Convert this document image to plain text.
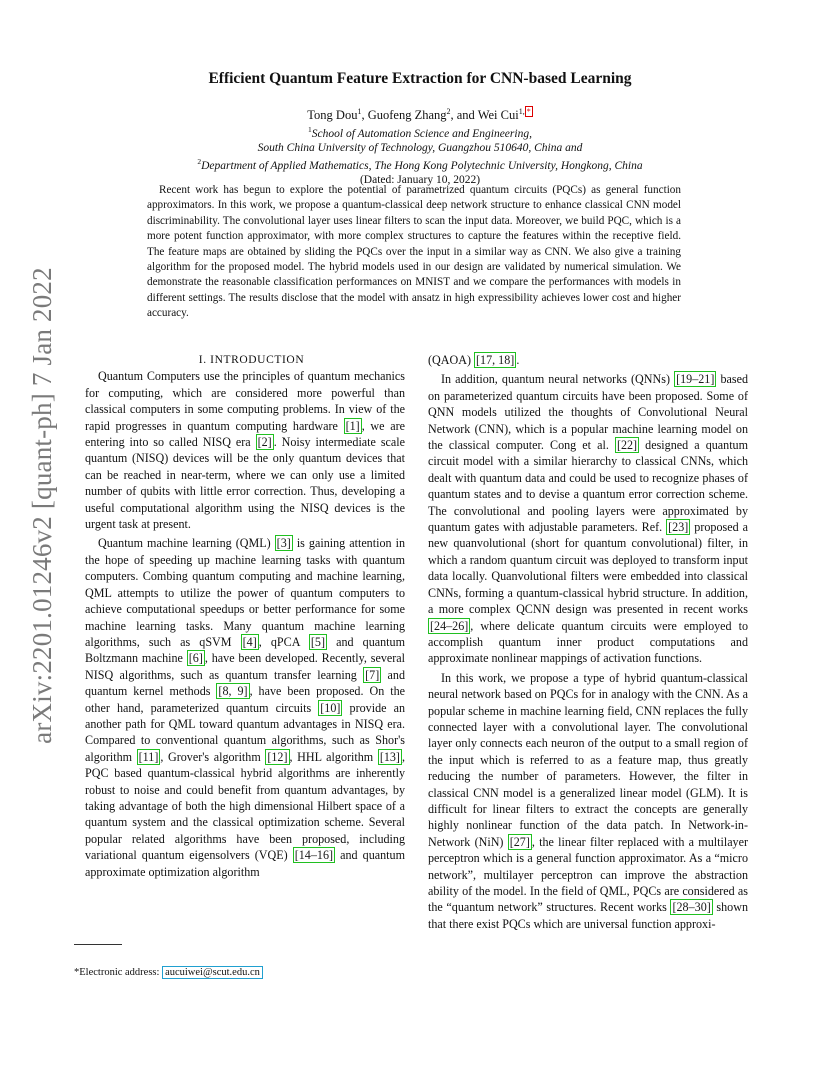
arXiv:2201.01246v2 [quant-ph] 7 Jan 2022
Efficient Quantum Feature Extraction for CNN-based Learning
Tong Dou$^1$, Guofeng Zhang$^2$, and Wei Cui$^{1,}$ *
$^1$School of Automation Science and Engineering,
South China University of Technology, Guangzhou 510640, China and
$^2$Department of Applied Mathematics, The Hong Kong Polytechnic University, Hongkong, China
(Dated: January 10, 2022)
Recent work has begun to explore the potential of parametrized quantum circuits (PQCs) as general function approximators. In this work, we propose a quantum-classical deep network structure to enhance classical CNN model discriminability. The convolutional layer uses linear filters to scan the input data. Moreover, we build PQC, which is a more potent function approximator, with more complex structures to capture the features within the receptive field. The feature maps are obtained by sliding the PQCs over the input in a similar way as CNN. We also give a training algorithm for the proposed model. The hybrid models used in our design are validated by numerical simulation. We demonstrate the reasonable classification performances on MNIST and we compare the performances with models in different settings. The results disclose that the model with ansatz in high expressibility achieves lower cost and higher accuracy.

I. INTRODUCTION

Quantum Computers use the principles of quantum mechanics for computing, which are considered more powerful than classical computers in some computing problems. In view of the rapid progresses in quantum computing hardware [1] , we are entering into so called NISQ era [2] . Noisy intermediate scale quantum (NISQ) devices will be the only quantum devices that can be reached in near-term, where we can only use a limited number of qubits with little error correction. Thus, developing a useful computational algorithm using the NISQ devices is the urgent task at present.

Quantum machine learning (QML) [3] is gaining attention in the hope of speeding up machine learning tasks with quantum computers. Combing quantum computing and machine learning, QML attempts to utilize the power of quantum computers to achieve computational speedups or better performance for some machine learning tasks. Many quantum machine learning algorithms, such as qSVM [4] , qPCA [5] and quantum Boltzmann machine [6] , have been developed. Recently, several NISQ algorithms, such as quantum transfer learning [7] and quantum kernel methods [8, 9] , have been proposed. On the other hand, parameterized quantum circuits [10] provide an another path for QML toward quantum advantages in NISQ era. Compared to conventional quantum algorithms, such as Shor's algorithm [11] , Grover's algorithm [12] , HHL algorithm [13] , PQC based quantum-classical hybrid algorithms are inherently robust to noise and could benefit from quantum advantages, by taking advantage of both the high dimensional Hilbert space of a quantum system and the classical optimization scheme. Several popular related algorithms have been proposed, including variational quantum eigensolvers (VQE) [14–16] and quantum approximate optimization algorithm

(QAOA) [17, 18] .

In addition, quantum neural networks (QNNs) [19–21] based on parameterized quantum circuits have been proposed. Some of QNN models utilized the thoughts of Convolutional Neural Network (CNN), which is a popular machine learning model on the classical computer. Cong et al. [22] designed a quantum circuit model with a similar hierarchy to classical CNNs, which dealt with quantum data and could be used to recognize phases of quantum states and to devise a quantum error correction scheme. The convolutional and pooling layers were approximated by quantum gates with adjustable parameters. Ref. [23] proposed a new quanvolutional (short for quantum convolutional) filter, in which a random quantum circuit was deployed to transform input data locally. Quanvolutional filters were embedded into classical CNNs, forming a quantum-classical hybrid structure. In addition, a more complex QCNN design was presented in recent works [24–26] , where delicate quantum circuits were employed to accomplish quantum inner product computations and approximate nonlinear mappings of activation functions.

In this work, we propose a type of hybrid quantum-classical neural network based on PQCs for in analogy with the CNN. As a popular scheme in machine learning field, CNN replaces the fully connected layer with a convolutional layer. The convolutional layer only connects each neuron of the output to a small region of the input which is referred to as a feature map, thus greatly reducing the number of parameters. However, the filter in classical CNN model is a generalized linear model (GLM). It is difficult for linear filters to extract the concepts are generally highly nonlinear function of the data patch. In Network-in-Network (NiN) [27] , the linear filter replaced with a multilayer perceptron which is a general function approximator. As a “micro network”, multilayer perceptron can improve the abstraction ability of the model. In the field of QML, PQCs are considered as the “quantum network” structures. Recent works [28–30] shown that there exist PQCs which are universal function approxi-

*Electronic address: aucuiwei@scut.edu.cn
